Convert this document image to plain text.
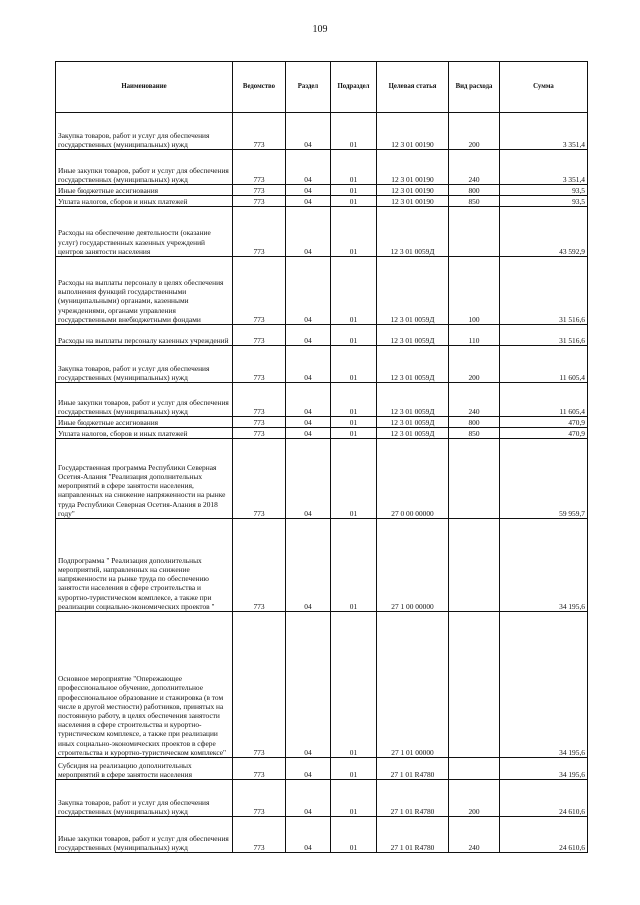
109
Наименование	Ведомство	Раздел	Подраздел	Целевая статья	Вид расхода	Сумма
Закупка товаров, работ и услуг для обеспечения государственных (муниципальных) нужд	773	04	01	12 3 01 00190	200	3 351,4
Иные закупки товаров, работ и услуг для обеспечения государственных (муниципальных) нужд	773	04	01	12 3 01 00190	240	3 351,4
Иные бюджетные ассигнования	773	04	01	12 3 01 00190	800	93,5
Уплата налогов, сборов и иных платежей	773	04	01	12 3 01 00190	850	93,5
Расходы на обеспечение деятельности (оказание услуг) государственных казенных учреждений центров занятости населения	773	04	01	12 3 01 0059Д		43 592,9
Расходы на выплаты персоналу в целях обеспечения выполнения функций государственными (муниципальными) органами, казенными учреждениями, органами управления государственными внебюджетными фондами	773	04	01	12 3 01 0059Д	100	31 516,6
Расходы на выплаты персоналу казенных учреждений	773	04	01	12 3 01 0059Д	110	31 516,6
Закупка товаров, работ и услуг для обеспечения государственных (муниципальных) нужд	773	04	01	12 3 01 0059Д	200	11 605,4
Иные закупки товаров, работ и услуг для обеспечения государственных (муниципальных) нужд	773	04	01	12 3 01 0059Д	240	11 605,4
Иные бюджетные ассигнования	773	04	01	12 3 01 0059Д	800	470,9
Уплата налогов, сборов и иных платежей	773	04	01	12 3 01 0059Д	850	470,9
Государственная программа Республики Северная Осетия-Алания "Реализация дополнительных мероприятий в сфере занятости населения, направленных на снижение напряженности на рынке труда Республики Северная Осетия-Алания в 2018 году"	773	04	01	27 0 00 00000		59 959,7
Подпрограмма " Реализация дополнительных мероприятий, направленных на снижение напряженности на рынке труда по обеспечению занятости населения в сфере строительства и курортно-туристическом комплексе, а также при реализации социально-экономических проектов "	773	04	01	27 1 00 00000		34 195,6
Основное мероприятие "Опережающее профессиональное обучение, дополнительное профессиональное образование и стажировка (в том числе в другой местности) работников, принятых на постоянную работу, в целях обеспечения занятости населения в сфере строительства и курортно-туристическом комплексе, а также при реализации иных социально-экономических проектов в сфере строительства и курортно-туристическом комплексе"	773	04	01	27 1 01 00000		34 195,6
Субсидия на реализацию дополнительных мероприятий в сфере занятости населения	773	04	01	27 1 01 R4780		34 195,6
Закупка товаров, работ и услуг для обеспечения государственных (муниципальных) нужд	773	04	01	27 1 01 R4780	200	24 610,6
Иные закупки товаров, работ и услуг для обеспечения государственных (муниципальных) нужд	773	04	01	27 1 01 R4780	240	24 610,6
